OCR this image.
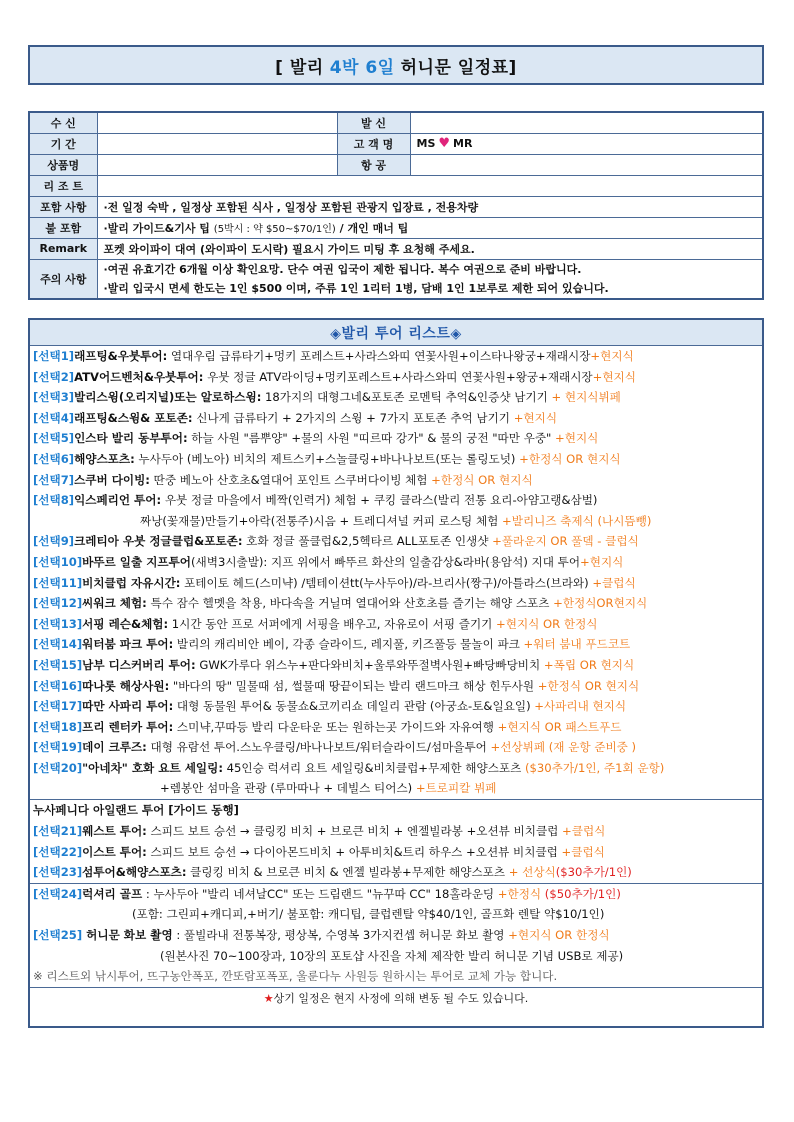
[ 발리 4박 6일 허니문 일정표]
수 신		발 신	
기 간		고 객 명	MS ♥ MR
상품명		항 공	
리 조 트			
포함 사항	·전 일정 숙박 , 일정상 포함된 식사 , 일정상 포함된 관광지 입장료 , 전용차량		
불 포함	·발리 가이드&기사 팁 (5박시 : 약 $50~$70/1인) / 개인 매너 팁		
Remark	포켓 와이파이 대여 (와이파이 도시락) 필요시 가이드 미팅 후 요청해 주세요.		
주의 사항	·여권 유효기간 6개월 이상 확인요망. 단수 여권 입국이 제한 됩니다. 복수 여권으로 준비 바랍니다.
·발리 입국시 면세 한도는 1인 $500 이며, 주류 1인 1리터 1병, 담배 1인 1보루로 제한 되어 있습니다.		
◈발리 투어 리스트◈
[선택1]래프팅&우붓투어: 열대우림 급류타기+멍키 포레스트+사라스와띠 연꽃사원+이스타나왕궁+재래시장+현지식
[선택2]ATV어드벤처&우붓투어: 우붓 정글 ATV라이딩+멍키포레스트+사라스와띠 연꽃사원+왕궁+재래시장+현지식
[선택3]발리스윙(오리지널)또는 알로하스윙: 18가지의 대형그네&포토존 로멘틱 추억&인증샷 남기기 + 현지식뷔페
[선택4]래프팅&스윙& 포토존: 신나게 급류타기 + 2가지의 스윙 + 7가지 포토존 추억 남기기 +현지식
[선택5]인스타 발리 동부투어: 하늘 사원 "름뿌양" +물의 사원 "띠르따 강가" & 물의 궁전 "따만 우중" +현지식
[선택6]해양스포츠: 누사두아 (베노아) 비치의 제트스키+스놀클링+바나나보트(또는 롤링도넛) +한정식 OR 현지식
[선택7]스쿠버 다이빙: 딴중 베노아 산호초&열대어 포인트 스쿠버다이빙 체험 +한정식 OR 현지식
[선택8]익스페리언 투어: 우붓 정글 마을에서 베짝(인력거) 체험 + 쿠킹 클라스(발리 전통 요리-아얌고랭&삼벌)
짜낭(꽃재물)만들기+아락(전통주)시음 + 트레디셔널 커피 로스팅 체험 +발리니즈 축제식 (나시뜸뺑)
[선택9]크레티아 우붓 정글클럽&포토존: 호화 정글 풀클럽&2,5헥타르 ALL포토존 인생샷 +풀라운지 OR 풀뎈 - 클럽식
[선택10]바뚜르 일출 지프투어(새벽3시출발): 지프 위에서 빠뚜르 화산의 일출감상&라바(용암석) 지대 투어+현지식
[선택11]비치클럽 자유시간: 포테이토 헤드(스미냑) /템테이션tt(누사두아)/라-브리사(짱구)/아틀라스(브라와) +클럽식
[선택12]씨워크 체험: 특수 잠수 헬멧을 착용, 바다속을 거닐며 열대어와 산호초를 즐기는 해양 스포츠 +한정식OR현지식
[선택13]서핑 레슨&체험: 1시간 동안 프로 서퍼에게 서핑을 배우고, 자유로이 서핑 즐기기 +현지식 OR 한정식
[선택14]워터붐 파크 투어: 발리의 캐리비안 베이, 각종 슬라이드, 레지풀, 키즈풀등 물놀이 파크 +워터 붐내 푸드코트
[선택15]남부 디스커버리 투어: GWK가루다 위스누+판다와비치+울루와뚜절벽사원+빠당빠당비치 +폭립 OR 현지식
[선택16]따나롯 해상사원: "바다의 땅" 밀물때 섬, 썰물때 땅끝이되는 발리 랜드마크 해상 힌두사원 +한정식 OR 현지식
[선택17]따만 사파리 투어: 대형 동물원 투어& 동물쇼&코끼리쇼 데일리 관람 (아궁쇼-토&일요일) +사파리내 현지식
[선택18]프리 렌터카 투어: 스미냑,꾸따등 발리 다운타운 또는 원하는곳 가이드와 자유여행 +현지식 OR 패스트푸드
[선택19]데이 크루즈: 대형 유람선 투어.스노우클링/바나나보트/워터슬라이드/섬마을투어 +선상뷔페 (재 운항 준비중 )
[선택20]"아네차" 호화 요트 세일링: 45인승 럭셔리 요트 세일링&비치클럽+무제한 해양스포츠 ($30추가/1인, 주1회 운항)
+렘봉안 섬마을 관광 (루마따나 + 데빌스 티어스) +트로피칼 뷔페
누사페니다 아일랜드 투어 [가이드 동행]
[선택21]웨스트 투어: 스피드 보트 승선 → 클링킹 비치 + 브로큰 비치 + 엔젤빌라봉 +오션뷰 비치클럽 +클럽식
[선택22]이스트 투어: 스피드 보트 승선 → 다이아몬드비치 + 아투비치&트리 하우스 +오션뷰 비치클럽 +클럽식
[선택23]섬투어&해양스포츠: 클링킹 비치 & 브로큰 비치 & 엔젤 빌라봉+무제한 해양스포츠 + 선상식($30추가/1인)
[선택24]럭셔리 골프 : 누사두아 "발리 네셔날CC" 또는 드림랜드 "뉴꾸따 CC" 18홀라운딩 +한정식 ($50추가/1인)
(포함: 그린피+캐디피,+버기/ 불포함: 캐디팁, 클럽렌탈 약$40/1인, 골프화 렌탈 약$10/1인)
[선택25] 허니문 화보 촬영 : 풀빌라내 전통복장, 평상복, 수영복 3가지컨셉 허니문 화보 촬영 +현지식 OR 한정식
(원본사진 70~100장과, 10장의 포토샵 사진을 자체 제작한 발리 허니문 기념 USB로 제공)
※ 리스트외 낚시투어, 뜨구농안폭포, 깐또람포폭포, 울룬다누 사원등 원하시는 투어로 교체 가능 합니다.
★상기 일정은 현지 사정에 의해 변동 될 수도 있습니다.
